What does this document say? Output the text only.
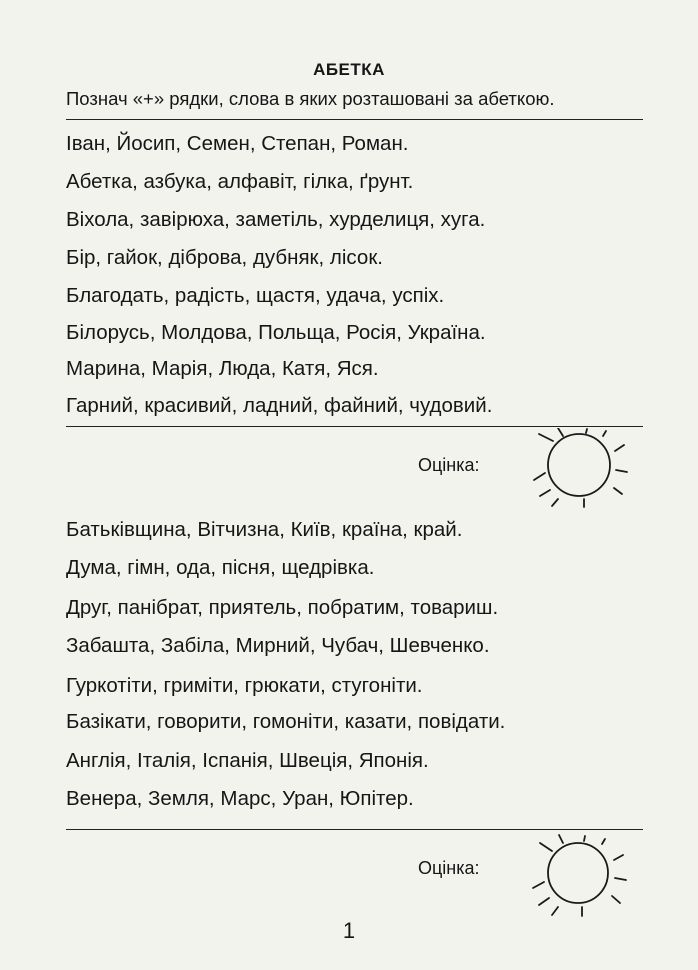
АБЕТКА
Познач «+» рядки, слова в яких розташовані за абеткою.
Іван, Йосип, Семен, Степан, Роман.
Абетка, азбука, алфавіт, гілка, ґрунт.
Віхола, завірюха, заметіль, хурделиця, хуга.
Бір, гайок, діброва, дубняк, лісок.
Благодать, радість, щастя, удача, успіх.
Білорусь, Молдова, Польща, Росія, Україна.
Марина, Марія, Люда, Катя, Яся.
Гарний, красивий, ладний, файний, чудовий.
Оцінка:
Батьківщина, Вітчизна, Київ, країна, край.
Дума, гімн, ода, пісня, щедрівка.
Друг, панібрат, приятель, побратим, товариш.
Забашта, Забіла, Мирний, Чубач, Шевченко.
Гуркотіти, гриміти, грюкати, стугоніти.
Базікати, говорити, гомоніти, казати, повідати.
Англія, Італія, Іспанія, Швеція, Японія.
Венера, Земля, Марс, Уран, Юпітер.
Оцінка:
1
